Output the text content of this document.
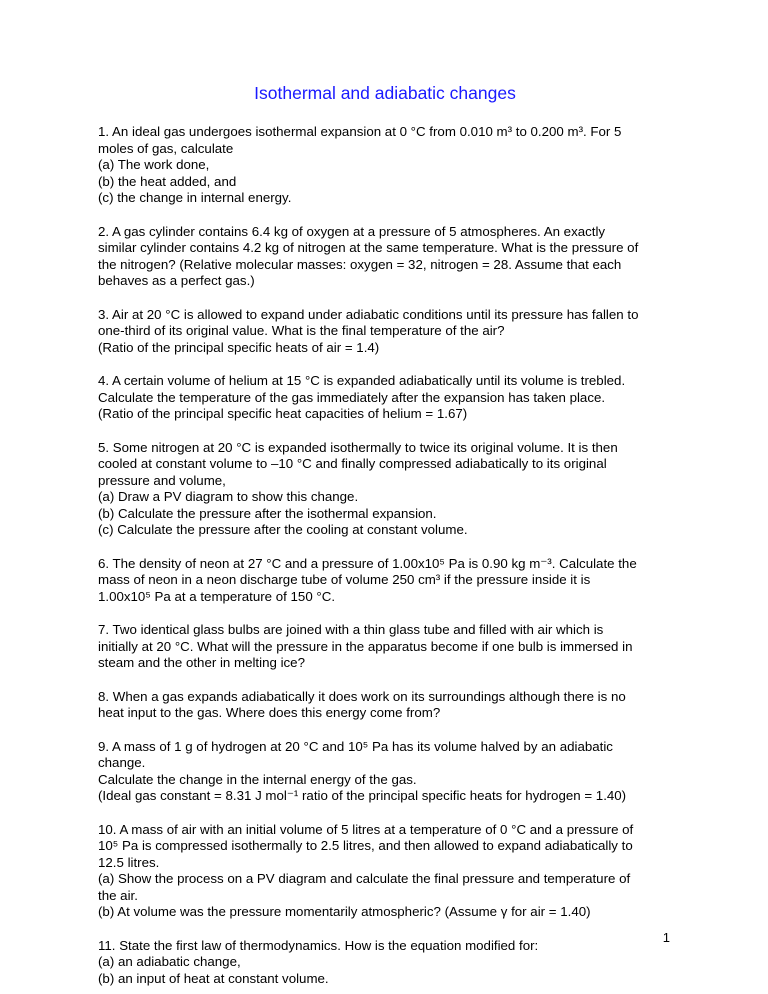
Isothermal and adiabatic changes
1. An ideal gas undergoes isothermal expansion at 0 °C from 0.010 m³ to 0.200 m³. For 5
moles of gas, calculate
(a) The work done,
(b) the heat added, and
(c) the change in internal energy.
2. A gas cylinder contains 6.4 kg of oxygen at a pressure of 5 atmospheres. An exactly
similar cylinder contains 4.2 kg of nitrogen at the same temperature. What is the pressure of
the nitrogen? (Relative molecular masses: oxygen = 32, nitrogen = 28. Assume that each
behaves as a perfect gas.)
3. Air at 20 °C is allowed to expand under adiabatic conditions until its pressure has fallen to
one-third of its original value. What is the final temperature of the air?
(Ratio of the principal specific heats of air = 1.4)
4. A certain volume of helium at 15 °C is expanded adiabatically until its volume is trebled.
Calculate the temperature of the gas immediately after the expansion has taken place.
(Ratio of the principal specific heat capacities of helium = 1.67)
5. Some nitrogen at 20 °C is expanded isothermally to twice its original volume. It is then
cooled at constant volume to –10 °C and finally compressed adiabatically to its original
pressure and volume,
(a) Draw a PV diagram to show this change.
(b) Calculate the pressure after the isothermal expansion.
(c) Calculate the pressure after the cooling at constant volume.
6. The density of neon at 27 °C and a pressure of 1.00x10⁵ Pa is 0.90 kg m⁻³. Calculate the
mass of neon in a neon discharge tube of volume 250 cm³ if the pressure inside it is
1.00x10⁵ Pa at a temperature of 150 °C.
7. Two identical glass bulbs are joined with a thin glass tube and filled with air which is
initially at 20 °C. What will the pressure in the apparatus become if one bulb is immersed in
steam and the other in melting ice?
8. When a gas expands adiabatically it does work on its surroundings although there is no
heat input to the gas. Where does this energy come from?
9. A mass of 1 g of hydrogen at 20 °C and 10⁵ Pa has its volume halved by an adiabatic
change.
Calculate the change in the internal energy of the gas.
(Ideal gas constant = 8.31 J mol⁻¹ ratio of the principal specific heats for hydrogen = 1.40)
10. A mass of air with an initial volume of 5 litres at a temperature of 0 °C and a pressure of
10⁵ Pa is compressed isothermally to 2.5 litres, and then allowed to expand adiabatically to
12.5 litres.
(a) Show the process on a PV diagram and calculate the final pressure and temperature of
the air.
(b) At volume was the pressure momentarily atmospheric? (Assume γ for air = 1.40)
11. State the first law of thermodynamics. How is the equation modified for:
(a) an adiabatic change,
(b) an input of heat at constant volume.
1
